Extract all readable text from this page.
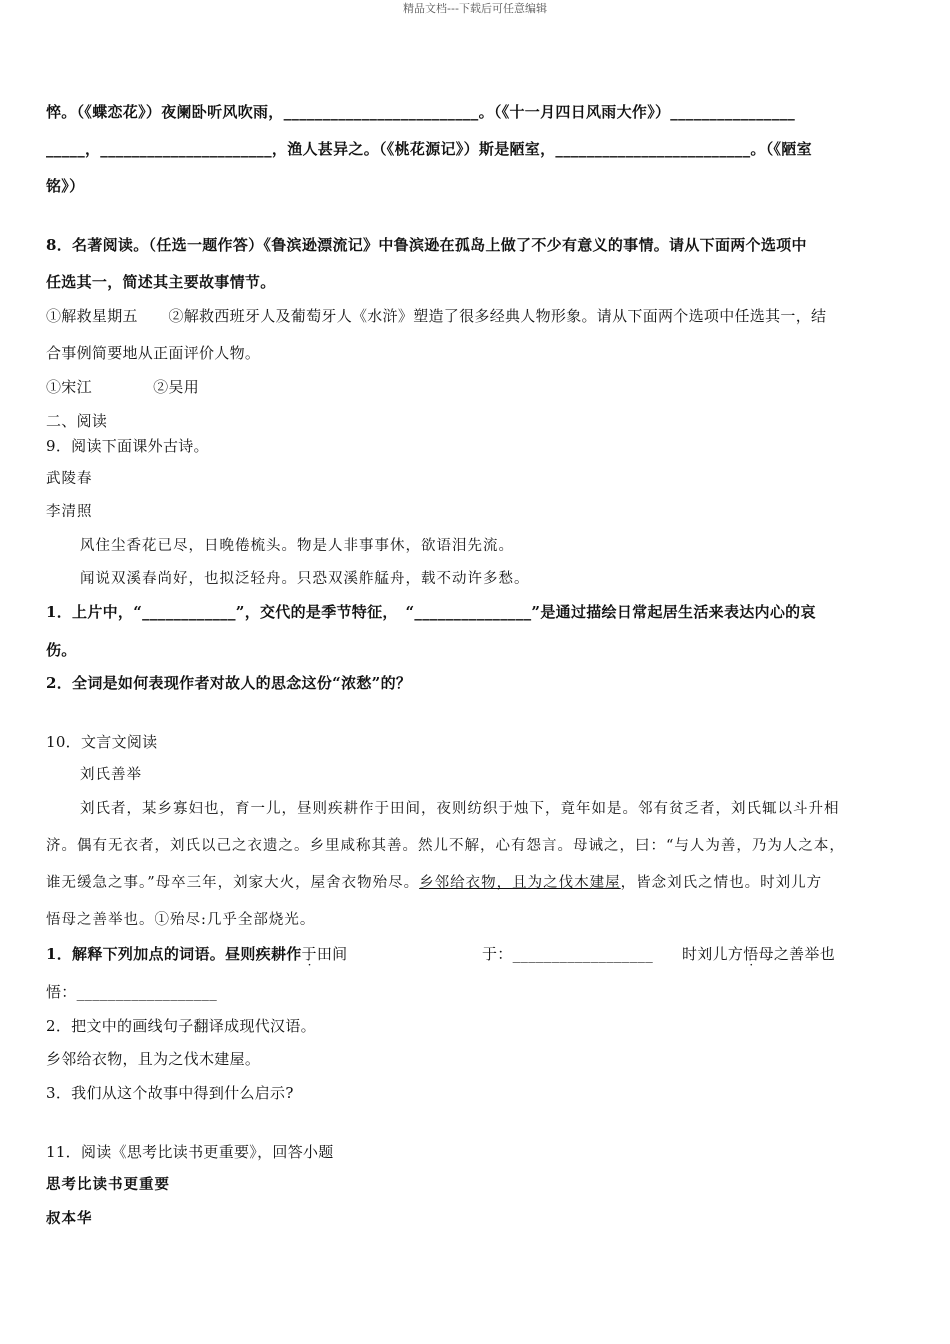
精品文档---下载后可任意编辑
悴。（《蝶恋花》）夜阑卧听风吹雨，_________________________。（《十一月四日风雨大作》）________________
_____，______________________，渔人甚异之。（《桃花源记》）斯是陋室，_________________________。（《陋室
铭》）
8．名著阅读。（任选一题作答）《鲁滨逊漂流记》中鲁滨逊在孤岛上做了不少有意义的事情。请从下面两个选项中
任选其一，简述其主要故事情节。
①解救星期五　　②解救西班牙人及葡萄牙人《水浒》塑造了很多经典人物形象。请从下面两个选项中任选其一，结
合事例简要地从正面评价人物。
①宋江　　　　②吴用
二、阅读
9．阅读下面课外古诗。
武陵春
李清照
风住尘香花已尽，日晚倦梳头。物是人非事事休，欲语泪先流。
闻说双溪春尚好，也拟泛轻舟。只恐双溪舴艋舟，载不动许多愁。
1．上片中，“____________”，交代的是季节特征，　“_______________”是通过描绘日常起居生活来表达内心的哀
伤。
2．全词是如何表现作者对故人的思念这份“浓愁”的？
10．文言文阅读
刘氏善举
刘氏者，某乡寡妇也，育一儿，昼则疾耕作于田间，夜则纺织于烛下，竟年如是。邻有贫乏者，刘氏辄以斗升相
济。偶有无衣者，刘氏以己之衣遗之。乡里咸称其善。然儿不解，心有怨言。母诫之，曰：“与人为善，乃为人之本，
谁无缓急之事。”母卒三年，刘家大火，屋舍衣物殆尽。乡邻给衣物，且为之伐木建屋，皆念刘氏之情也。时刘儿方
悟母之善举也。①殆尽:几乎全部烧光。
1．解释下列加点的词语。昼则疾耕作于田间	于：__________________ 时刘儿方悟母之善举也
悟：__________________
2．把文中的画线句子翻译成现代汉语。
乡邻给衣物，且为之伐木建屋。
3．我们从这个故事中得到什么启示?
11．阅读《思考比读书更重要》，回答小题
思考比读书更重要
叔本华
